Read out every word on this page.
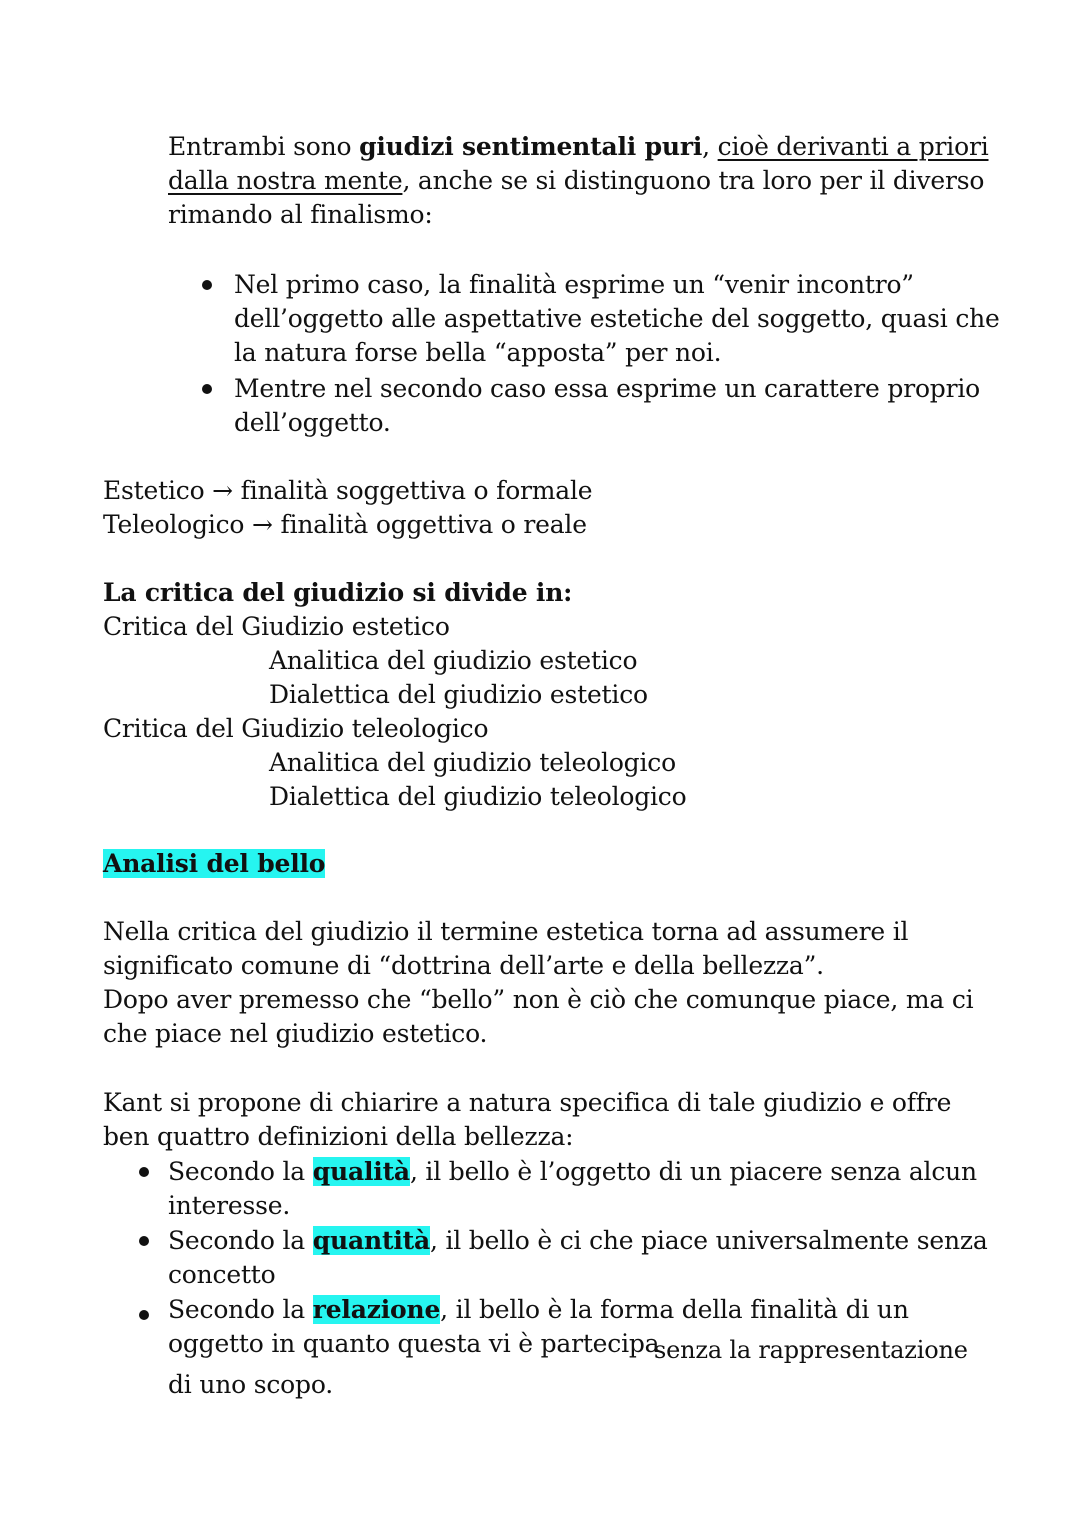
Entrambi sono giudizi sentimentali puri, cioè derivanti a priori
dalla nostra mente, anche se si distinguono tra loro per il diverso
rimando al finalismo:
Nel primo caso, la finalità esprime un “venir incontro”
dell’oggetto alle aspettative estetiche del soggetto, quasi che
la natura forse bella “apposta” per noi.
Mentre nel secondo caso essa esprime un carattere proprio
dell’oggetto.
Estetico → finalità soggettiva o formale
Teleologico → finalità oggettiva o reale
La critica del giudizio si divide in:
Critica del Giudizio estetico
Analitica del giudizio estetico
Dialettica del giudizio estetico
Critica del Giudizio teleologico
Analitica del giudizio teleologico
Dialettica del giudizio teleologico
Analisi del bello
Nella critica del giudizio il termine estetica torna ad assumere il
significato comune di “dottrina dell’arte e della bellezza”.
Dopo aver premesso che “bello” non è ciò che comunque piace, ma ci
che piace nel giudizio estetico.
Kant si propone di chiarire a natura specifica di tale giudizio e offre
ben quattro definizioni della bellezza:
Secondo la qualità, il bello è l’oggetto di un piacere senza alcun
interesse.
Secondo la quantità, il bello è ci che piace universalmente senza
concetto
Secondo la relazione, il bello è la forma della finalità di un
oggetto in quanto questa vi è partecipa
senza la rappresentazione
di uno scopo.
